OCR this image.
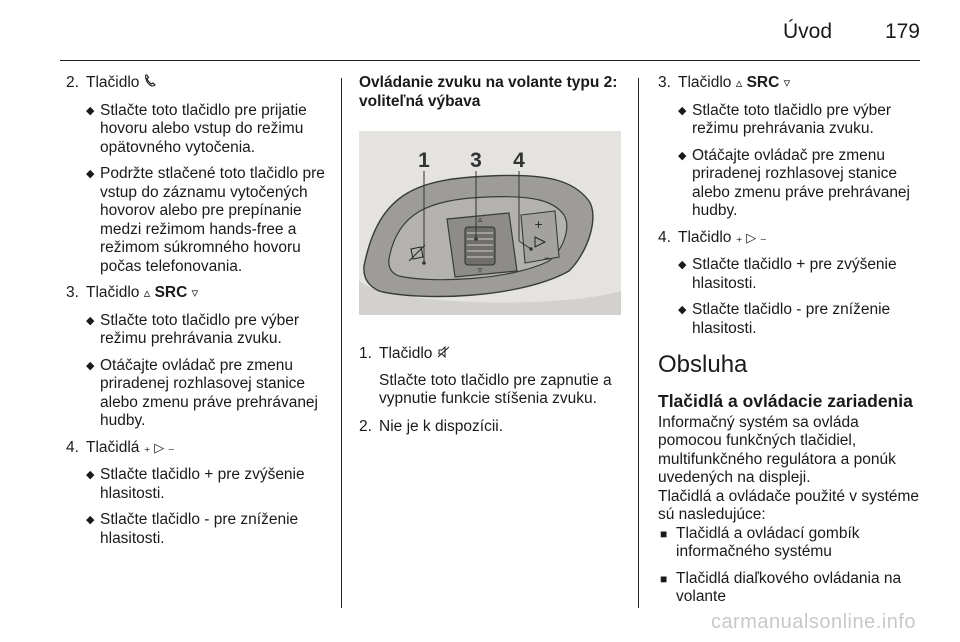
Úvod	179
2. Tlačidlo
◆ Stlačte toto tlačidlo pre prijatie hovoru alebo vstup do režimu opätovného vytočenia.
◆ Podržte stlačené toto tlačidlo pre vstup do záznamu vytočených hovorov alebo pre prepínanie medzi režimom hands-free a režimom súkromného hovoru počas telefonovania.
3. Tlačidlo ▵ SRC ▿
◆ Stlačte toto tlačidlo pre výber režimu prehrávania zvuku.
◆ Otáčajte ovládač pre zmenu priradenej rozhlasovej stanice alebo zmenu práve prehrávanej hudby.
4. Tlačidlá ₊ ▷ ₋
◆ Stlačte tlačidlo + pre zvýšenie hlasitosti.
◆ Stlačte tlačidlo - pre zníženie hlasitosti.
Ovládanie zvuku na volante typu 2:
voliteľná výbava
▵
▿
+
–
1 3 4
1. Tlačidlo

Stlačte toto tlačidlo pre zapnutie a vypnutie funkcie stíšenia zvuku.

2. Nie je k dispozícii.
3. Tlačidlo ▵ SRC ▿
◆ Stlačte toto tlačidlo pre výber režimu prehrávania zvuku.
◆ Otáčajte ovládač pre zmenu priradenej rozhlasovej stanice alebo zmenu práve prehrávanej hudby.
4. Tlačidlo ₊ ▷ ₋
◆ Stlačte tlačidlo + pre zvýšenie hlasitosti.
◆ Stlačte tlačidlo - pre zníženie hlasitosti.
Obsluha
Tlačidlá a ovládacie zariadenia

Informačný systém sa ovláda pomocou funkčných tlačidiel, multifunkčného regulátora a ponúk uvedených na displeji.

Tlačidlá a ovládače použité v systéme sú nasledujúce:

■ Tlačidlá a ovládací gombík informačného systému
■ Tlačidlá diaľkového ovládania na volante
carmanualsonline.info
